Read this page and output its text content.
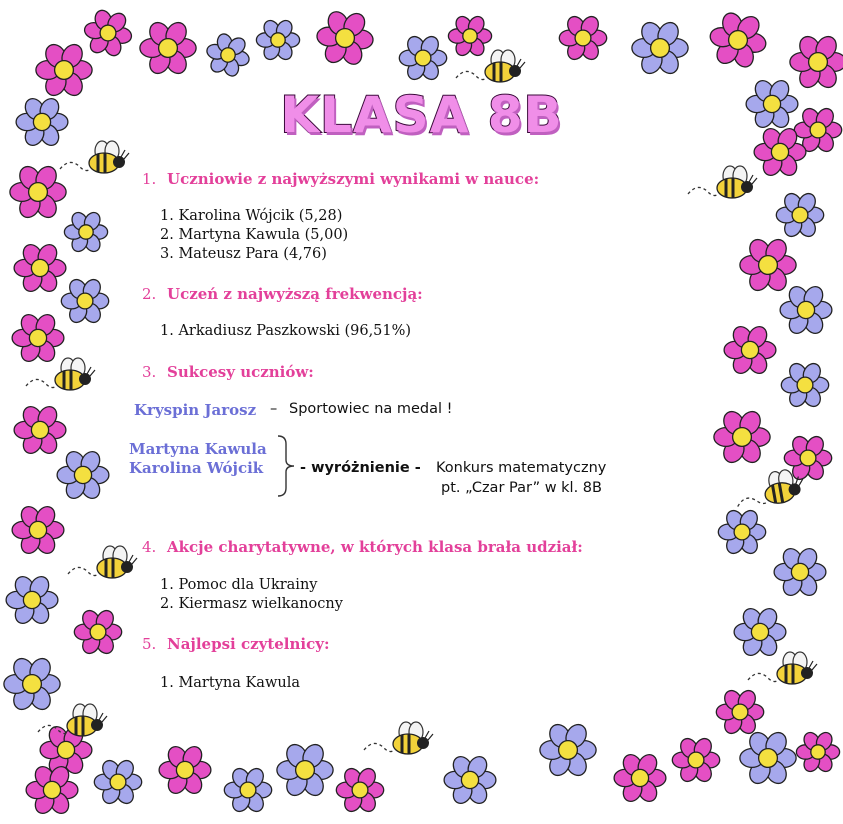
KLASA 8B
1. Uczniowie z najwyższymi wynikami w nauce:
1. Karolina Wójcik (5,28)
2. Martyna Kawula (5,00)
3. Mateusz Para (4,76)
2. Uczeń z najwyższą frekwencją:
1. Arkadiusz Paszkowski (96,51%)
3. Sukcesy uczniów:
Kryspin Jarosz – Sportowiec na medal !
Martyna Kawula
Karolina Wójcik	- wyróżnienie - Konkurs matematyczny
pt. „Czar Par” w kl. 8B
4. Akcje charytatywne, w których klasa brała udział:
1. Pomoc dla Ukrainy
2. Kiermasz wielkanocny
5. Najlepsi czytelnicy:
1. Martyna Kawula
